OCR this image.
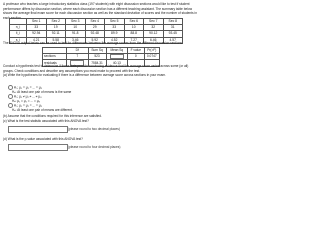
A professor who teaches a large introductory statistics class (197 students) with eight discussion sections would like to test if student performance differs by discussion section, where each discussion section has a different teaching assistant. The summary table below shows the average final exam score for each discussion section as well as the standard deviation of scores and the number of students in each section.
	Sec 1	Sec 2	Sec 3	Sec 4	Sec 5	Sec 6	Sec 7	Sec 8
n_i	33	19	10	29	33	10	32	31
x̄_i	92.94	92.11	91.8	92.48	89.9	88.8	90.12	93.45
s_i	4.21	5.58	3.46	5.92	4.52	7.27	6.46	4.57
The ANOVA output below can be used to test for differences between the average scores from the different discussion sections.
	Df	Sum Sq	Mean Sq	F value	Pr(>F)
sections	7	523		0	0.0747
residuals		7584.31	40.13		
Conduct a hypothesis test to determine if these data provide convincing evidence that the average score varies across some (or all) groups. Check conditions and describe any assumptions you must make to proceed with the test.
(a) Write the hypotheses for evaluating if there is a difference between average score across sections in your exam.
H₀: μ₁ = μ₂ = ... = μ₈
Hₐ: At least one pair of means is the same
H₀: μ₁ ≠ μ₂ ≠ ... ≠ μ₈
Hₐ: μ₁ = μ₂ = ... = μ₈
H₀: μ₁ = μ₂ = ... = μ₈
Hₐ: At least one pair of means are different.
(b) Assume that the conditions required for this inference are satisfied.
(c) What is the test statistic associated with this ANOVA test?
(please round to two decimal places)
(d) What is the p-value associated with this ANOVA test?
(please round to four decimal places)
